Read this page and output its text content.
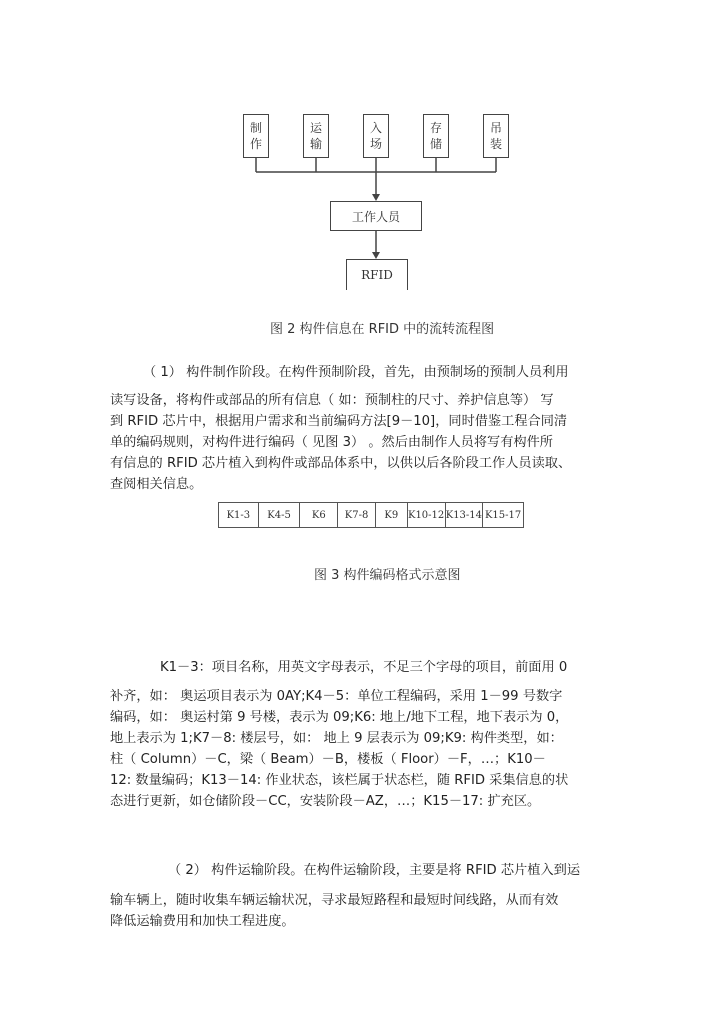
制作
运输
入场
存储
吊装
工作人员
RFID
图 2 构件信息在 RFID 中的流转流程图
（ 1） 构件制作阶段。在构件预制阶段，首先，由预制场的预制人员利用
读写设备，将构件或部品的所有信息（ 如：预制柱的尺寸、养护信息等） 写
到 RFID 芯片中，根据用户需求和当前编码方法[9－10]，同时借鉴工程合同清
单的编码规则，对构件进行编码（ 见图 3） 。然后由制作人员将写有构件所
有信息的 RFID 芯片植入到构件或部品体系中，以供以后各阶段工作人员读取、
查阅相关信息。
K1-3	K4-5	K6	K7-8	K9 K10-12 K13-14 K15-17
图 3 构件编码格式示意图
K1－3：项目名称，用英文字母表示，不足三个字母的项目，前面用 0
补齐，如： 奥运项目表示为 0AY;K4－5：单位工程编码，采用 1－99 号数字
编码，如： 奥运村第 9 号楼，表示为 09;K6: 地上/地下工程，地下表示为 0，
地上表示为 1;K7－8: 楼层号，如： 地上 9 层表示为 09;K9: 构件类型，如：
柱（ Column）－C，梁（ Beam）－B，楼板（ Floor）－F，…；K10－
12: 数量编码；K13－14: 作业状态，该栏属于状态栏，随 RFID 采集信息的状
态进行更新，如仓储阶段－CC，安装阶段－AZ，…；K15－17: 扩充区。
（ 2） 构件运输阶段。在构件运输阶段，主要是将 RFID 芯片植入到运
输车辆上，随时收集车辆运输状况，寻求最短路程和最短时间线路，从而有效
降低运输费用和加快工程进度。
